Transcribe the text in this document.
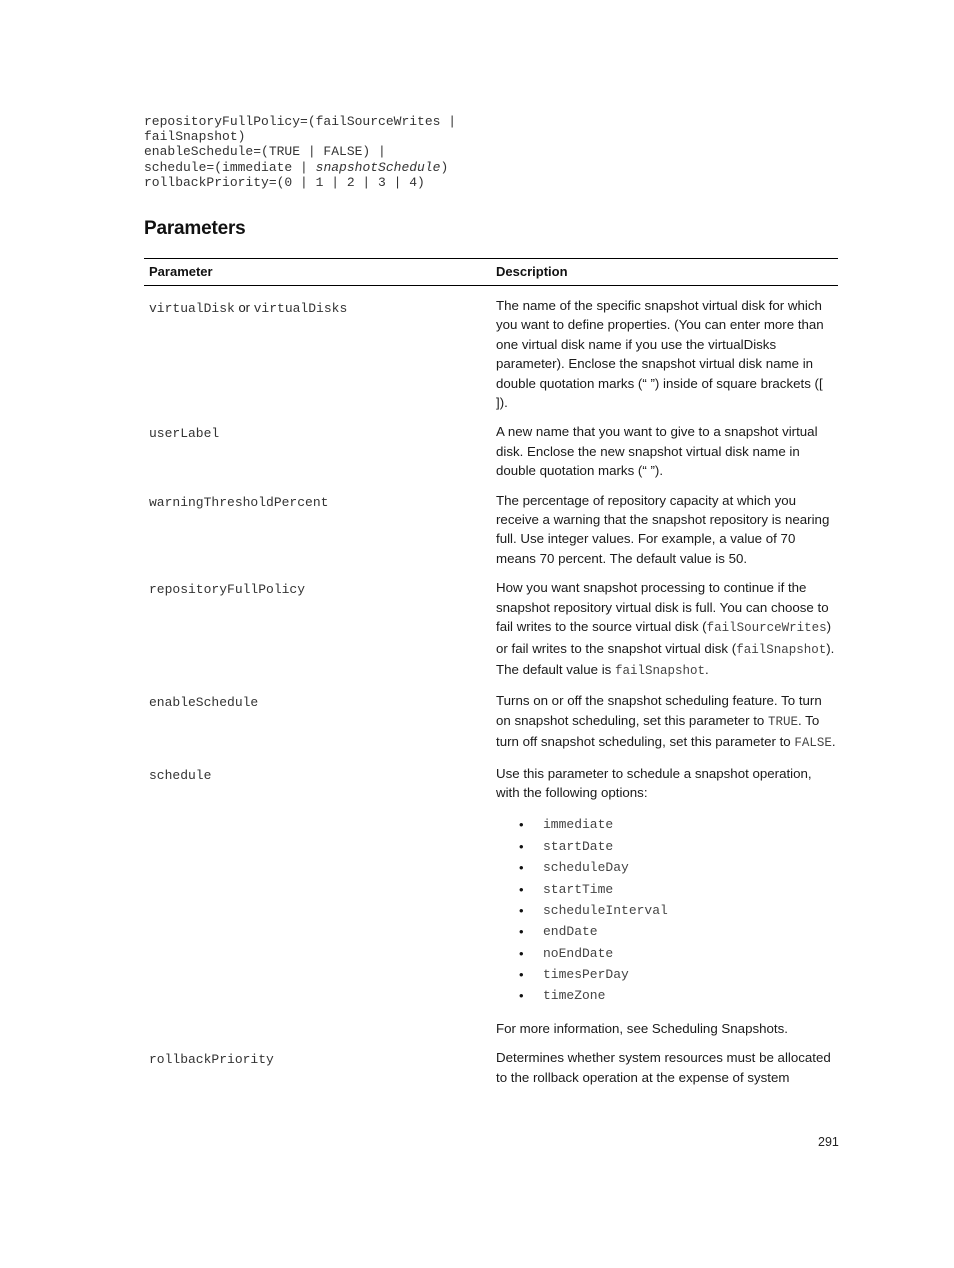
repositoryFullPolicy=(failSourceWrites |
failSnapshot)
enableSchedule=(TRUE | FALSE) |
schedule=(immediate | snapshotSchedule)
rollbackPriority=(0 | 1 | 2 | 3 | 4)
Parameters
Parameter	Description
virtualDisk or virtualDisks	The name of the specific snapshot virtual disk for which you want to define properties. (You can enter more than one virtual disk name if you use the virtualDisks parameter). Enclose the snapshot virtual disk name in double quotation marks (“ ”) inside of square brackets ([ ]).
userLabel	A new name that you want to give to a snapshot virtual disk. Enclose the new snapshot virtual disk name in double quotation marks (“ ”).
warningThresholdPercent	The percentage of repository capacity at which you receive a warning that the snapshot repository is nearing full. Use integer values. For example, a value of 70 means 70 percent. The default value is 50.
repositoryFullPolicy	How you want snapshot processing to continue if the snapshot repository virtual disk is full. You can choose to fail writes to the source virtual disk (failSourceWrites) or fail writes to the snapshot virtual disk (failSnapshot). The default value is failSnapshot.
enableSchedule	Turns on or off the snapshot scheduling feature. To turn on snapshot scheduling, set this parameter to TRUE. To turn off snapshot scheduling, set this parameter to FALSE.
schedule	Use this parameter to schedule a snapshot operation, with the following options:
• immediate
• startDate
• scheduleDay
• startTime
• scheduleInterval
• endDate
• noEndDate
• timesPerDay
• timeZone
For more information, see Scheduling Snapshots.
rollbackPriority	Determines whether system resources must be allocated to the rollback operation at the expense of system
291
